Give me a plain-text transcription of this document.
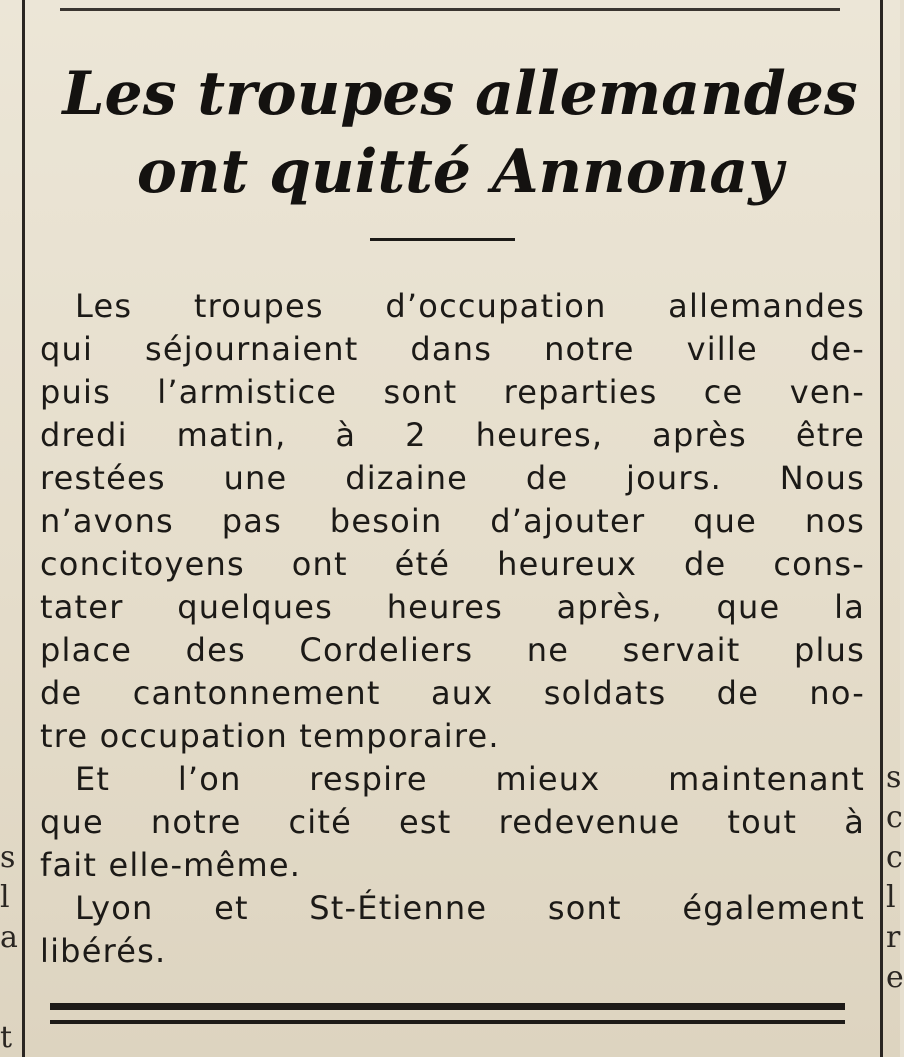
Les troupes allemandes
ont quitté Annonay
Les troupes d’occupation allemandes
qui séjournaient dans notre ville de-
puis l’armistice sont reparties ce ven-
dredi matin, à 2 heures, après être
restées une dizaine de jours. Nous
n’avons pas besoin d’ajouter que nos
concitoyens ont été heureux de cons-
tater quelques heures après, que la
place des Cordeliers ne servait plus
de cantonnement aux soldats de no-
tre occupation temporaire.
Et l’on respire mieux maintenant
que notre cité est redevenue tout à
fait elle-même.
Lyon et St-Étienne sont également
libérés.
t
s
l
a
s
c
c
l
r
e
